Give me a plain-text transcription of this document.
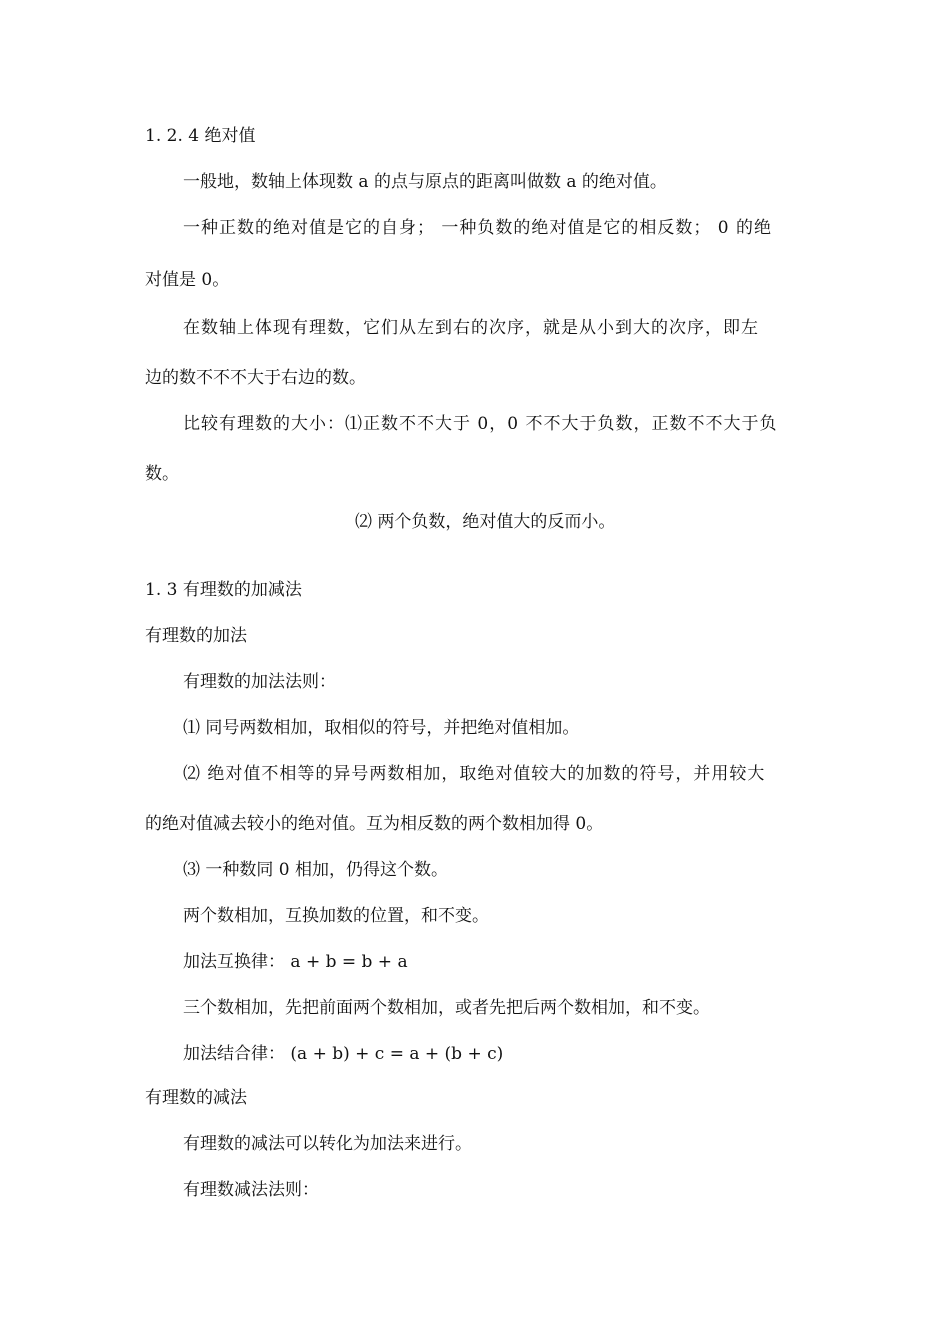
1. 2. 4 绝对值
一般地，数轴上体现数 a 的点与原点的距离叫做数 a 的绝对值。
一种正数的绝对值是它的自身； 一种负数的绝对值是它的相反数； 0 的绝
对值是 0。
在数轴上体现有理数，它们从左到右的次序，就是从小到大的次序，即左
边的数不不不大于右边的数。
比较有理数的大小：⑴正数不不大于 0，0 不不大于负数，正数不不大于负
数。
⑵ 两个负数，绝对值大的反而小。
1. 3 有理数的加减法
有理数的加法
有理数的加法法则：
⑴ 同号两数相加，取相似的符号，并把绝对值相加。
⑵ 绝对值不相等的异号两数相加，取绝对值较大的加数的符号，并用较大
的绝对值减去较小的绝对值。互为相反数的两个数相加得 0。
⑶ 一种数同 0 相加，仍得这个数。
两个数相加，互换加数的位置，和不变。
加法互换律： a + b = b + a
三个数相加，先把前面两个数相加，或者先把后两个数相加，和不变。
加法结合律： (a + b) + c = a + (b + c)
有理数的减法
有理数的减法可以转化为加法来进行。
有理数减法法则：
